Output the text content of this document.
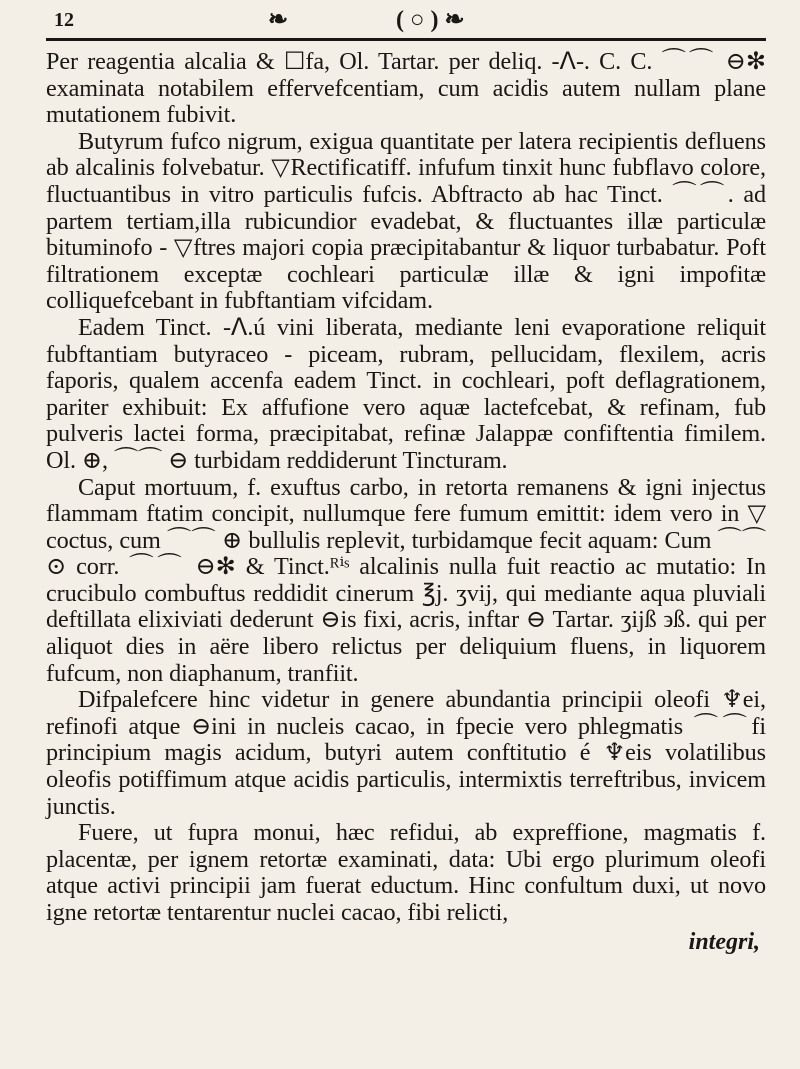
12	❧	( ○ ) ❧

Per reagentia alcalia & ☐fa, Ol. Tartar. per deliq. -ᐱ-. C. C. ⌒⌒ ⊖✻ examinata notabilem effervefcentiam, cum acidis autem nullam plane mutationem fubivit.

Butyrum fufco nigrum, exigua quantitate per latera recipientis defluens ab alcalinis folvebatur. ▽Rectificatiff. infufum tinxit hunc fubflavo colore, fluctuantibus in vitro particulis fufcis. Abftracto ab hac Tinct. ⌒⌒. ad partem tertiam,illa rubicundior evadebat, & fluctuantes illæ particulæ bituminofo - ▽ftres majori copia præcipitabantur & liquor turbabatur. Poft filtrationem exceptæ cochleari particulæ illæ & igni impofitæ colliquefcebant in fubftantiam vifcidam.

Eadem Tinct. -ᐱ.ú vini liberata, mediante leni evaporatione reliquit fubftantiam butyraceo - piceam, rubram, pellucidam, flexilem, acris faporis, qualem accenfa eadem Tinct. in cochleari, poft deflagrationem, pariter exhibuit: Ex affufione vero aquæ lactefcebat, & refinam, fub pulveris lactei forma, præcipitabat, refinæ Jalappæ confiftentia fimilem. Ol. ⊕, ⌒⌒ ⊖ turbidam reddiderunt Tincturam.

Caput mortuum, f. exuftus carbo, in retorta remanens & igni injectus flammam ftatim concipit, nullumque fere fumum emittit: idem vero in ▽ coctus, cum ⌒⌒ ⊕ bullulis replevit, turbidamque fecit aquam: Cum ⌒⌒ ⊙ corr. ⌒⌒ ⊖✻ & Tinct.ᴿⁱˢ alcalinis nulla fuit reactio ac mutatio: In crucibulo combuftus reddidit cinerum ℥j. ʒvij, qui mediante aqua pluviali deftillata elixiviati dederunt ⊖is fixi, acris, inftar ⊖ Tartar. ʒijß ϶ß. qui per aliquot dies in aëre libero relictus per deliquium fluens, in liquorem fufcum, non diaphanum, tranfiit.

Difpalefcere hinc videtur in genere abundantia principii oleofi ♆ei, refinofi atque ⊖ini in nucleis cacao, in fpecie vero phlegmatis ⌒⌒fi principium magis acidum, butyri autem conftitutio é ♆eis volatilibus oleofis potiffimum atque acidis particulis, intermixtis terreftribus, invicem junctis.

Fuere, ut fupra monui, hæc refidui, ab expreffione, magmatis f. placentæ, per ignem retortæ examinati, data: Ubi ergo plurimum oleofi atque activi principii jam fuerat eductum. Hinc confultum duxi, ut novo igne retortæ tentarentur nuclei cacao, fibi relicti,

integri,
